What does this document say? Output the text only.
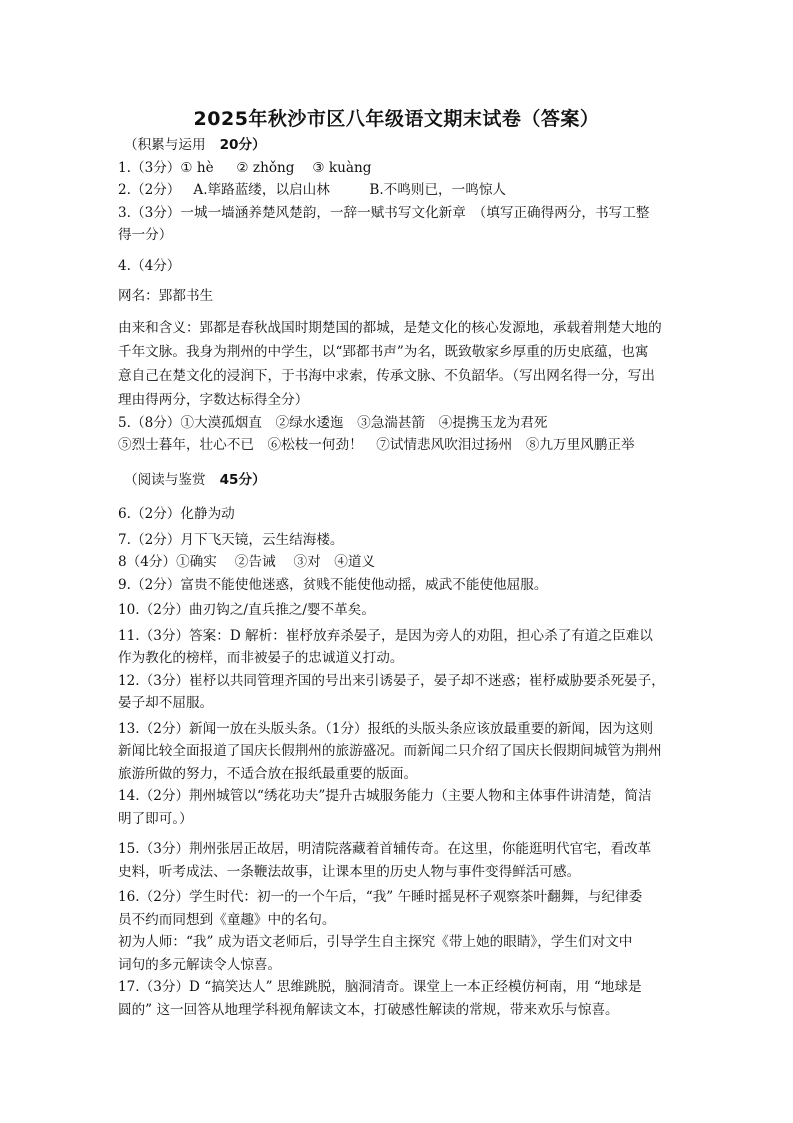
2025年秋沙市区八年级语文期末试卷（答案）
（积累与运用 20分）
1.（3分）① hè ② zhǒng ③ kuàng
2.（2分） A.筚路蓝缕，以启山林	B.不鸣则已，一鸣惊人
3.（3分）一城一墙涵养楚风楚韵，一辞一赋书写文化新章　（填写正确得两分，书写工整
得一分）
4.（4分）
网名：郢都书生
由来和含义：郢都是春秋战国时期楚国的都城，是楚文化的核心发源地，承载着荆楚大地的
千年文脉。我身为荆州的中学生，以“郢都书声”为名，既致敬家乡厚重的历史底蕴，也寓
意自己在楚文化的浸润下，于书海中求索，传承文脉、不负韶华。（写出网名得一分，写出
理由得两分，字数达标得全分）
5.（8分）①大漠孤烟直　②绿水逶迤　③急湍甚箭　④提携玉龙为君死
⑤烈士暮年，壮心不已　⑥松枝一何劲！　⑦试情悲风吹泪过扬州　⑧九万里风鹏正举
（阅读与鉴赏 45分）
6.（2分）化静为动
7.（2分）月下飞天镜，云生结海楼。
8（4分）①确实　 ②告诫　 ③对　④道义
9.（2分）富贵不能使他迷惑，贫贱不能使他动摇，威武不能使他屈服。
10.（2分）曲刃钩之/直兵推之/婴不革矣。
11.（3分）答案：D 解析：崔杼放弃杀晏子，是因为旁人的劝阻，担心杀了有道之臣难以
作为教化的榜样，而非被晏子的忠诚道义打动。
12.（3分）崔杼以共同管理齐国的号出来引诱晏子，晏子却不迷惑；崔杼威胁要杀死晏子，
晏子却不屈服。
13.（2分）新闻一放在头版头条。（1分）报纸的头版头条应该放最重要的新闻，因为这则
新闻比较全面报道了国庆长假荆州的旅游盛况。而新闻二只介绍了国庆长假期间城管为荆州
旅游所做的努力，不适合放在报纸最重要的版面。
14.（2分）荆州城管以“绣花功夫”提升古城服务能力（主要人物和主体事件讲清楚，简洁
明了即可。）
15.（3分）荆州张居正故居，明清院落藏着首辅传奇。在这里，你能逛明代官宅，看改革
史料，听考成法、一条鞭法故事，让课本里的历史人物与事件变得鲜活可感。
16.（2分）学生时代：初一的一个午后，“我” 午睡时摇晃杯子观察茶叶翻舞，与纪律委
员不约而同想到《童趣》中的名句。
初为人师：“我” 成为语文老师后，引导学生自主探究《带上她的眼睛》，学生们对文中
词句的多元解读令人惊喜。
17.（3分）D “搞笑达人” 思维跳脱，脑洞清奇。课堂上一本正经模仿柯南，用 “地球是
圆的” 这一回答从地理学科视角解读文本，打破感性解读的常规，带来欢乐与惊喜。
